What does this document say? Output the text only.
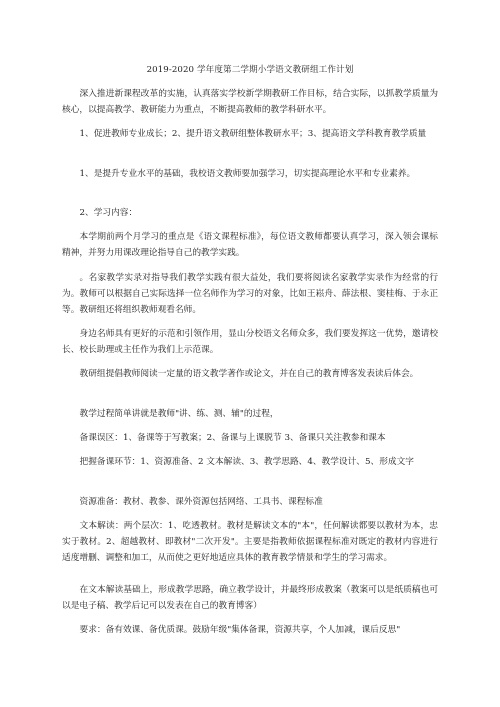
2019-2020 学年度第二学期小学语文教研组工作计划

深入推进新课程改革的实施，认真落实学校新学期教研工作目标，结合实际，以抓教学质量为核心，以提高教学、教研能力为重点，不断提高教师的教学科研水平。

1、促进教师专业成长；2、提升语文教研组整体教研水平；3、提高语文学科教育教学质量

1、是提升专业水平的基础，我校语文教师要加强学习，切实提高理论水平和专业素养。

2、学习内容：

本学期前两个月学习的重点是《语文课程标准》，每位语文教师都要认真学习，深入领会课标精神，并努力用课改理论指导自己的教学实践。

。名家教学实录对指导我们教学实践有很大益处，我们要将阅读名家教学实录作为经常的行为。教师可以根据自己实际选择一位名师作为学习的对象，比如王崧舟、薛法根、窦桂梅、于永正等。教研组还将组织教师观看名师。

身边名师具有更好的示范和引领作用，显山分校语文名师众多，我们要发挥这一优势，邀请校长、校长助理或主任作为我们上示范课。

教研组提倡教师阅读一定量的语文教学著作或论文，并在自己的教育博客发表读后体会。

教学过程简单讲就是教师"讲、练、测、辅"的过程，

备课误区：1、备课等于写教案；2、备课与上课脱节 3、备课只关注教参和课本

把握备课环节：1、资源准备、2 文本解读、3、教学思路、4、教学设计、5、形成文字

资源准备：教材、教参、课外资源包括网络、工具书、课程标准

文本解读：两个层次：1、吃透教材。教材是解读文本的"本"，任何解读都要以教材为本，忠实于教材。2、超越教材、即教材"二次开发"。主要是指教师依据课程标准对既定的教材内容进行适度增删、调整和加工，从而使之更好地适应具体的教育教学情景和学生的学习需求。

在文本解读基础上，形成教学思路，确立教学设计，并最终形成教案（教案可以是纸质稿也可以是电子稿、教学后记可以发表在自己的教育博客）

要求：备有效课、备优质课。鼓励年级"集体备课，资源共享，个人加减，课后反思"
